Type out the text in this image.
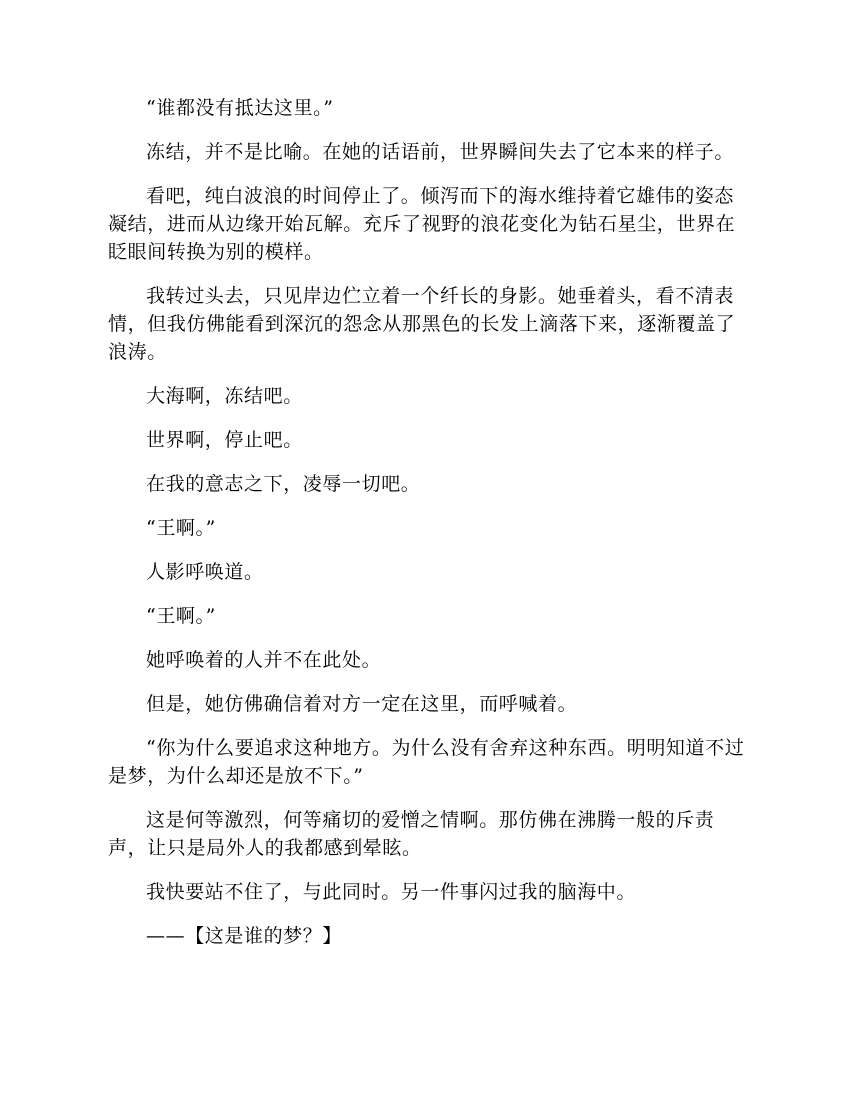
“谁都没有抵达这里。”

冻结，并不是比喻。在她的话语前，世界瞬间失去了它本来的样子。

看吧，纯白波浪的时间停止了。倾泻而下的海水维持着它雄伟的姿态凝结，进而从边缘开始瓦解。充斥了视野的浪花变化为钻石星尘，世界在眨眼间转换为别的模样。

我转过头去，只见岸边伫立着一个纤长的身影。她垂着头，看不清表情，但我仿佛能看到深沉的怨念从那黑色的长发上滴落下来，逐渐覆盖了浪涛。

大海啊，冻结吧。

世界啊，停止吧。

在我的意志之下，凌辱一切吧。

“王啊。”

人影呼唤道。

“王啊。”

她呼唤着的人并不在此处。

但是，她仿佛确信着对方一定在这里，而呼喊着。

“你为什么要追求这种地方。为什么没有舍弃这种东西。明明知道不过是梦，为什么却还是放不下。”

这是何等激烈，何等痛切的爱憎之情啊。那仿佛在沸腾一般的斥责声，让只是局外人的我都感到晕眩。

我快要站不住了，与此同时。另一件事闪过我的脑海中。

——【这是谁的梦？】
